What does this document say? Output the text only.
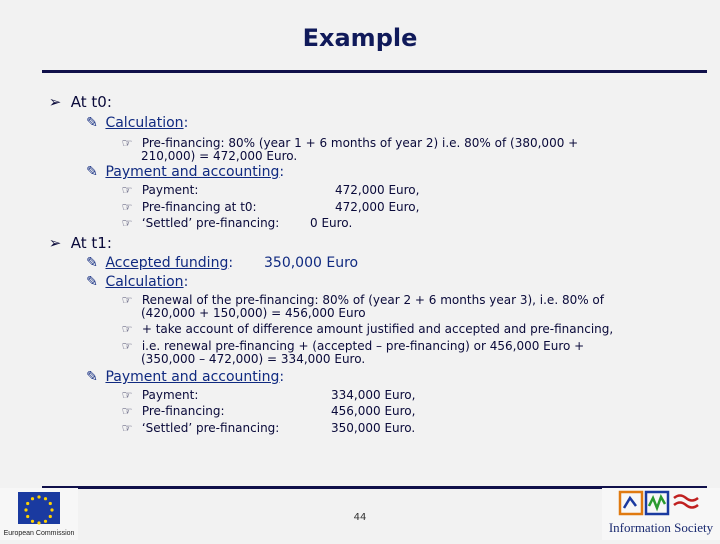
Example
➢ At t0:
✎ Calculation:
☞ Pre-financing: 80% (year 1 + 6 months of year 2) i.e. 80% of (380,000 +
210,000) = 472,000 Euro.
✎ Payment and accounting:
☞ Payment:	472,000 Euro,
☞ Pre-financing at t0:	472,000 Euro,
☞ ‘Settled’ pre-financing:	0 Euro.
➢ At t1:
✎ Accepted funding: 350,000 Euro
✎ Calculation:
☞ Renewal of the pre-financing: 80% of (year 2 + 6 months year 3), i.e. 80% of
(420,000 + 150,000) = 456,000 Euro
☞ + take account of difference amount justified and accepted and pre-financing,
☞ i.e. renewal pre-financing + (accepted – pre-financing) or 456,000 Euro +
(350,000 – 472,000) = 334,000 Euro.
✎ Payment and accounting:
☞ Payment:	334,000 Euro,
☞ Pre-financing:	456,000 Euro,
☞ ‘Settled’ pre-financing:	350,000 Euro.
European Commission
44
Information Society
